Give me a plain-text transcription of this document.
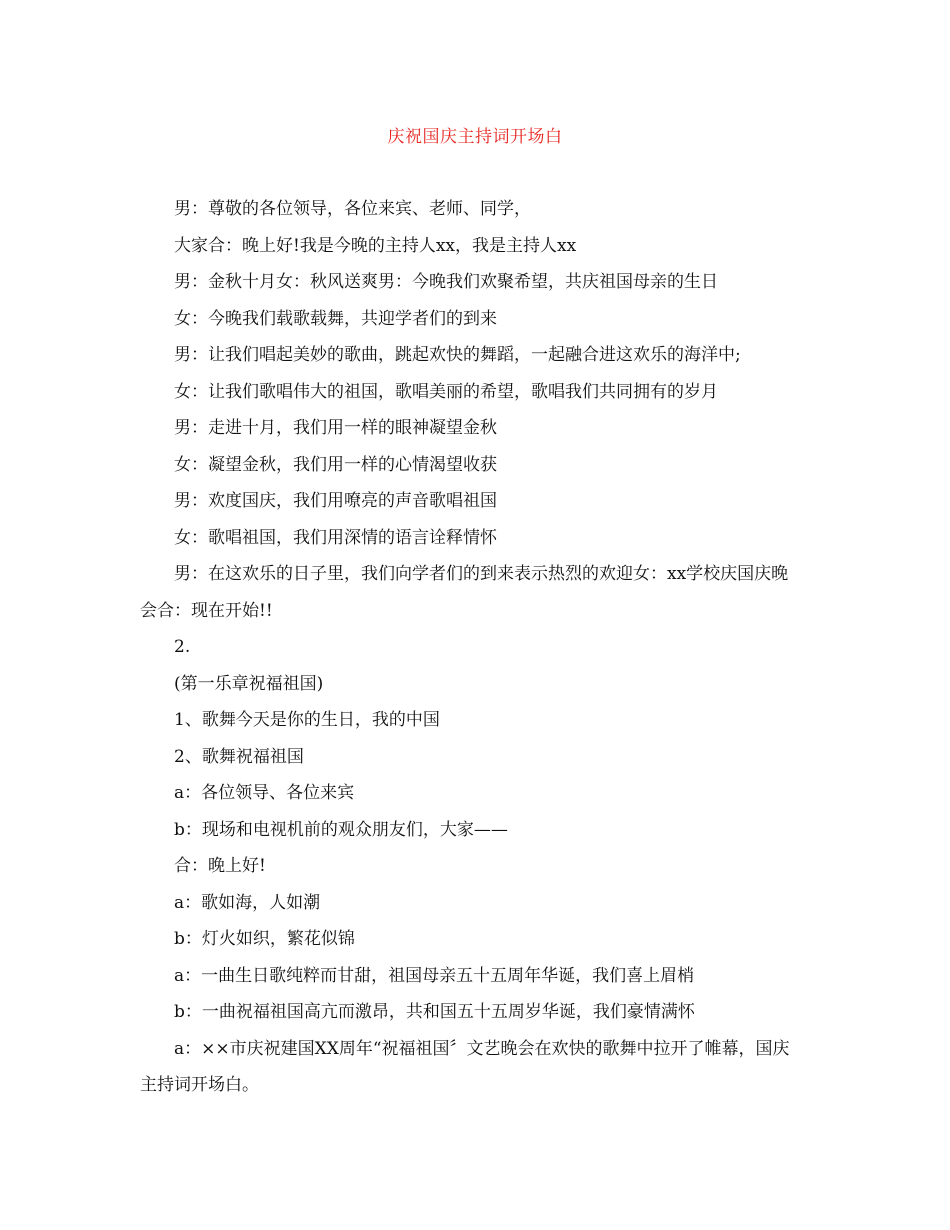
庆祝国庆主持词开场白

男：尊敬的各位领导，各位来宾、老师、同学，

大家合：晚上好!我是今晚的主持人xx，我是主持人xx

男：金秋十月女：秋风送爽男：今晚我们欢聚希望，共庆祖国母亲的生日

女：今晚我们载歌载舞，共迎学者们的到来

男：让我们唱起美妙的歌曲，跳起欢快的舞蹈，一起融合进这欢乐的海洋中;

女：让我们歌唱伟大的祖国，歌唱美丽的希望，歌唱我们共同拥有的岁月

男：走进十月，我们用一样的眼神凝望金秋

女：凝望金秋，我们用一样的心情渴望收获

男：欢度国庆，我们用嘹亮的声音歌唱祖国

女：歌唱祖国，我们用深情的语言诠释情怀

男：在这欢乐的日子里，我们向学者们的到来表示热烈的欢迎女：xx学校庆国庆晚会合：现在开始!!

2.

(第一乐章祝福祖国)

1、歌舞今天是你的生日，我的中国

2、歌舞祝福祖国

a：各位领导、各位来宾

b：现场和电视机前的观众朋友们，大家——

合：晚上好!

a：歌如海，人如潮

b：灯火如织，繁花似锦

a：一曲生日歌纯粹而甘甜，祖国母亲五十五周年华诞，我们喜上眉梢

b：一曲祝福祖国高亢而激昂，共和国五十五周岁华诞，我们豪情满怀

a：××市庆祝建国XX周年“祝福祖国〞文艺晚会在欢快的歌舞中拉开了帷幕，国庆主持词开场白。
